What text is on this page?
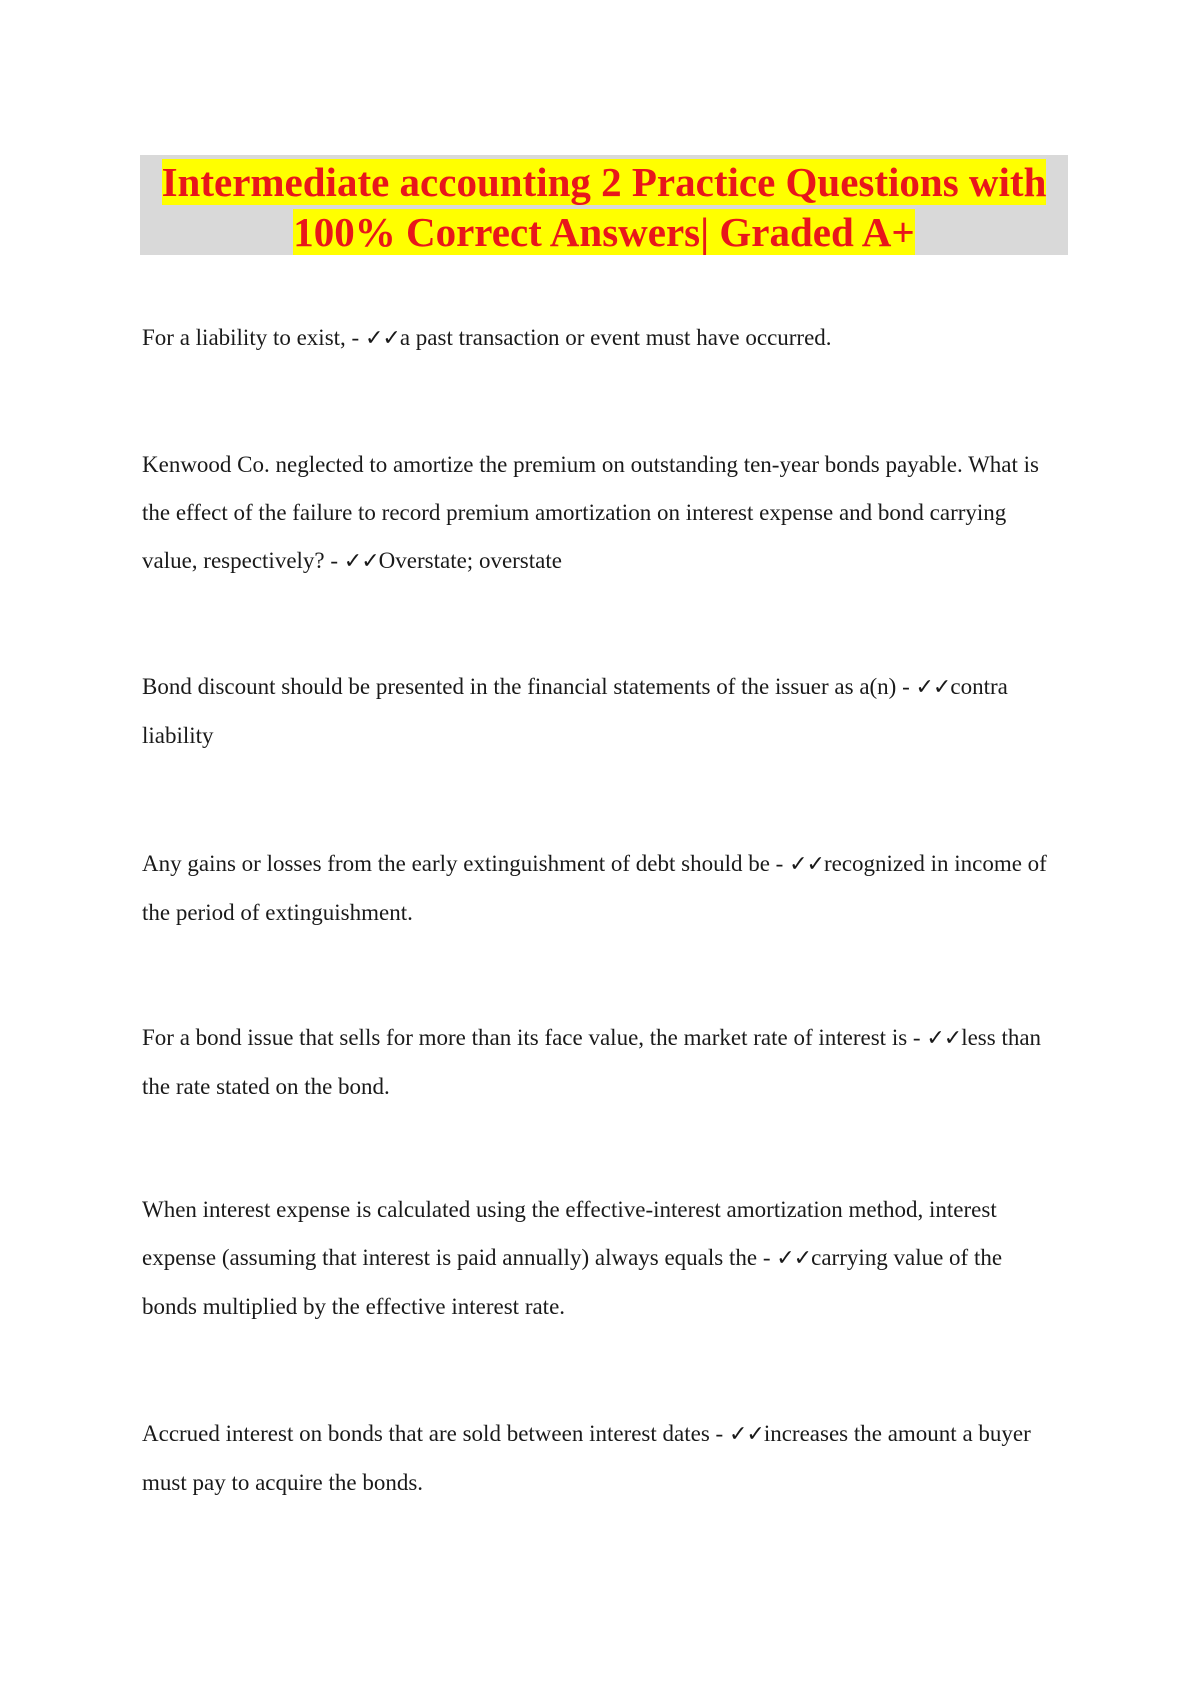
Intermediate accounting 2 Practice Questions with
100% Correct Answers| Graded A+

For a liability to exist, - ✓✓a past transaction or event must have occurred.

Kenwood Co. neglected to amortize the premium on outstanding ten-year bonds payable. What is the effect of the failure to record premium amortization on interest expense and bond carrying value, respectively? - ✓✓Overstate; overstate

Bond discount should be presented in the financial statements of the issuer as a(n) - ✓✓contra liability

Any gains or losses from the early extinguishment of debt should be - ✓✓recognized in income of the period of extinguishment.

For a bond issue that sells for more than its face value, the market rate of interest is - ✓✓less than the rate stated on the bond.

When interest expense is calculated using the effective-interest amortization method, interest expense (assuming that interest is paid annually) always equals the - ✓✓carrying value of the bonds multiplied by the effective interest rate.

Accrued interest on bonds that are sold between interest dates - ✓✓increases the amount a buyer must pay to acquire the bonds.
